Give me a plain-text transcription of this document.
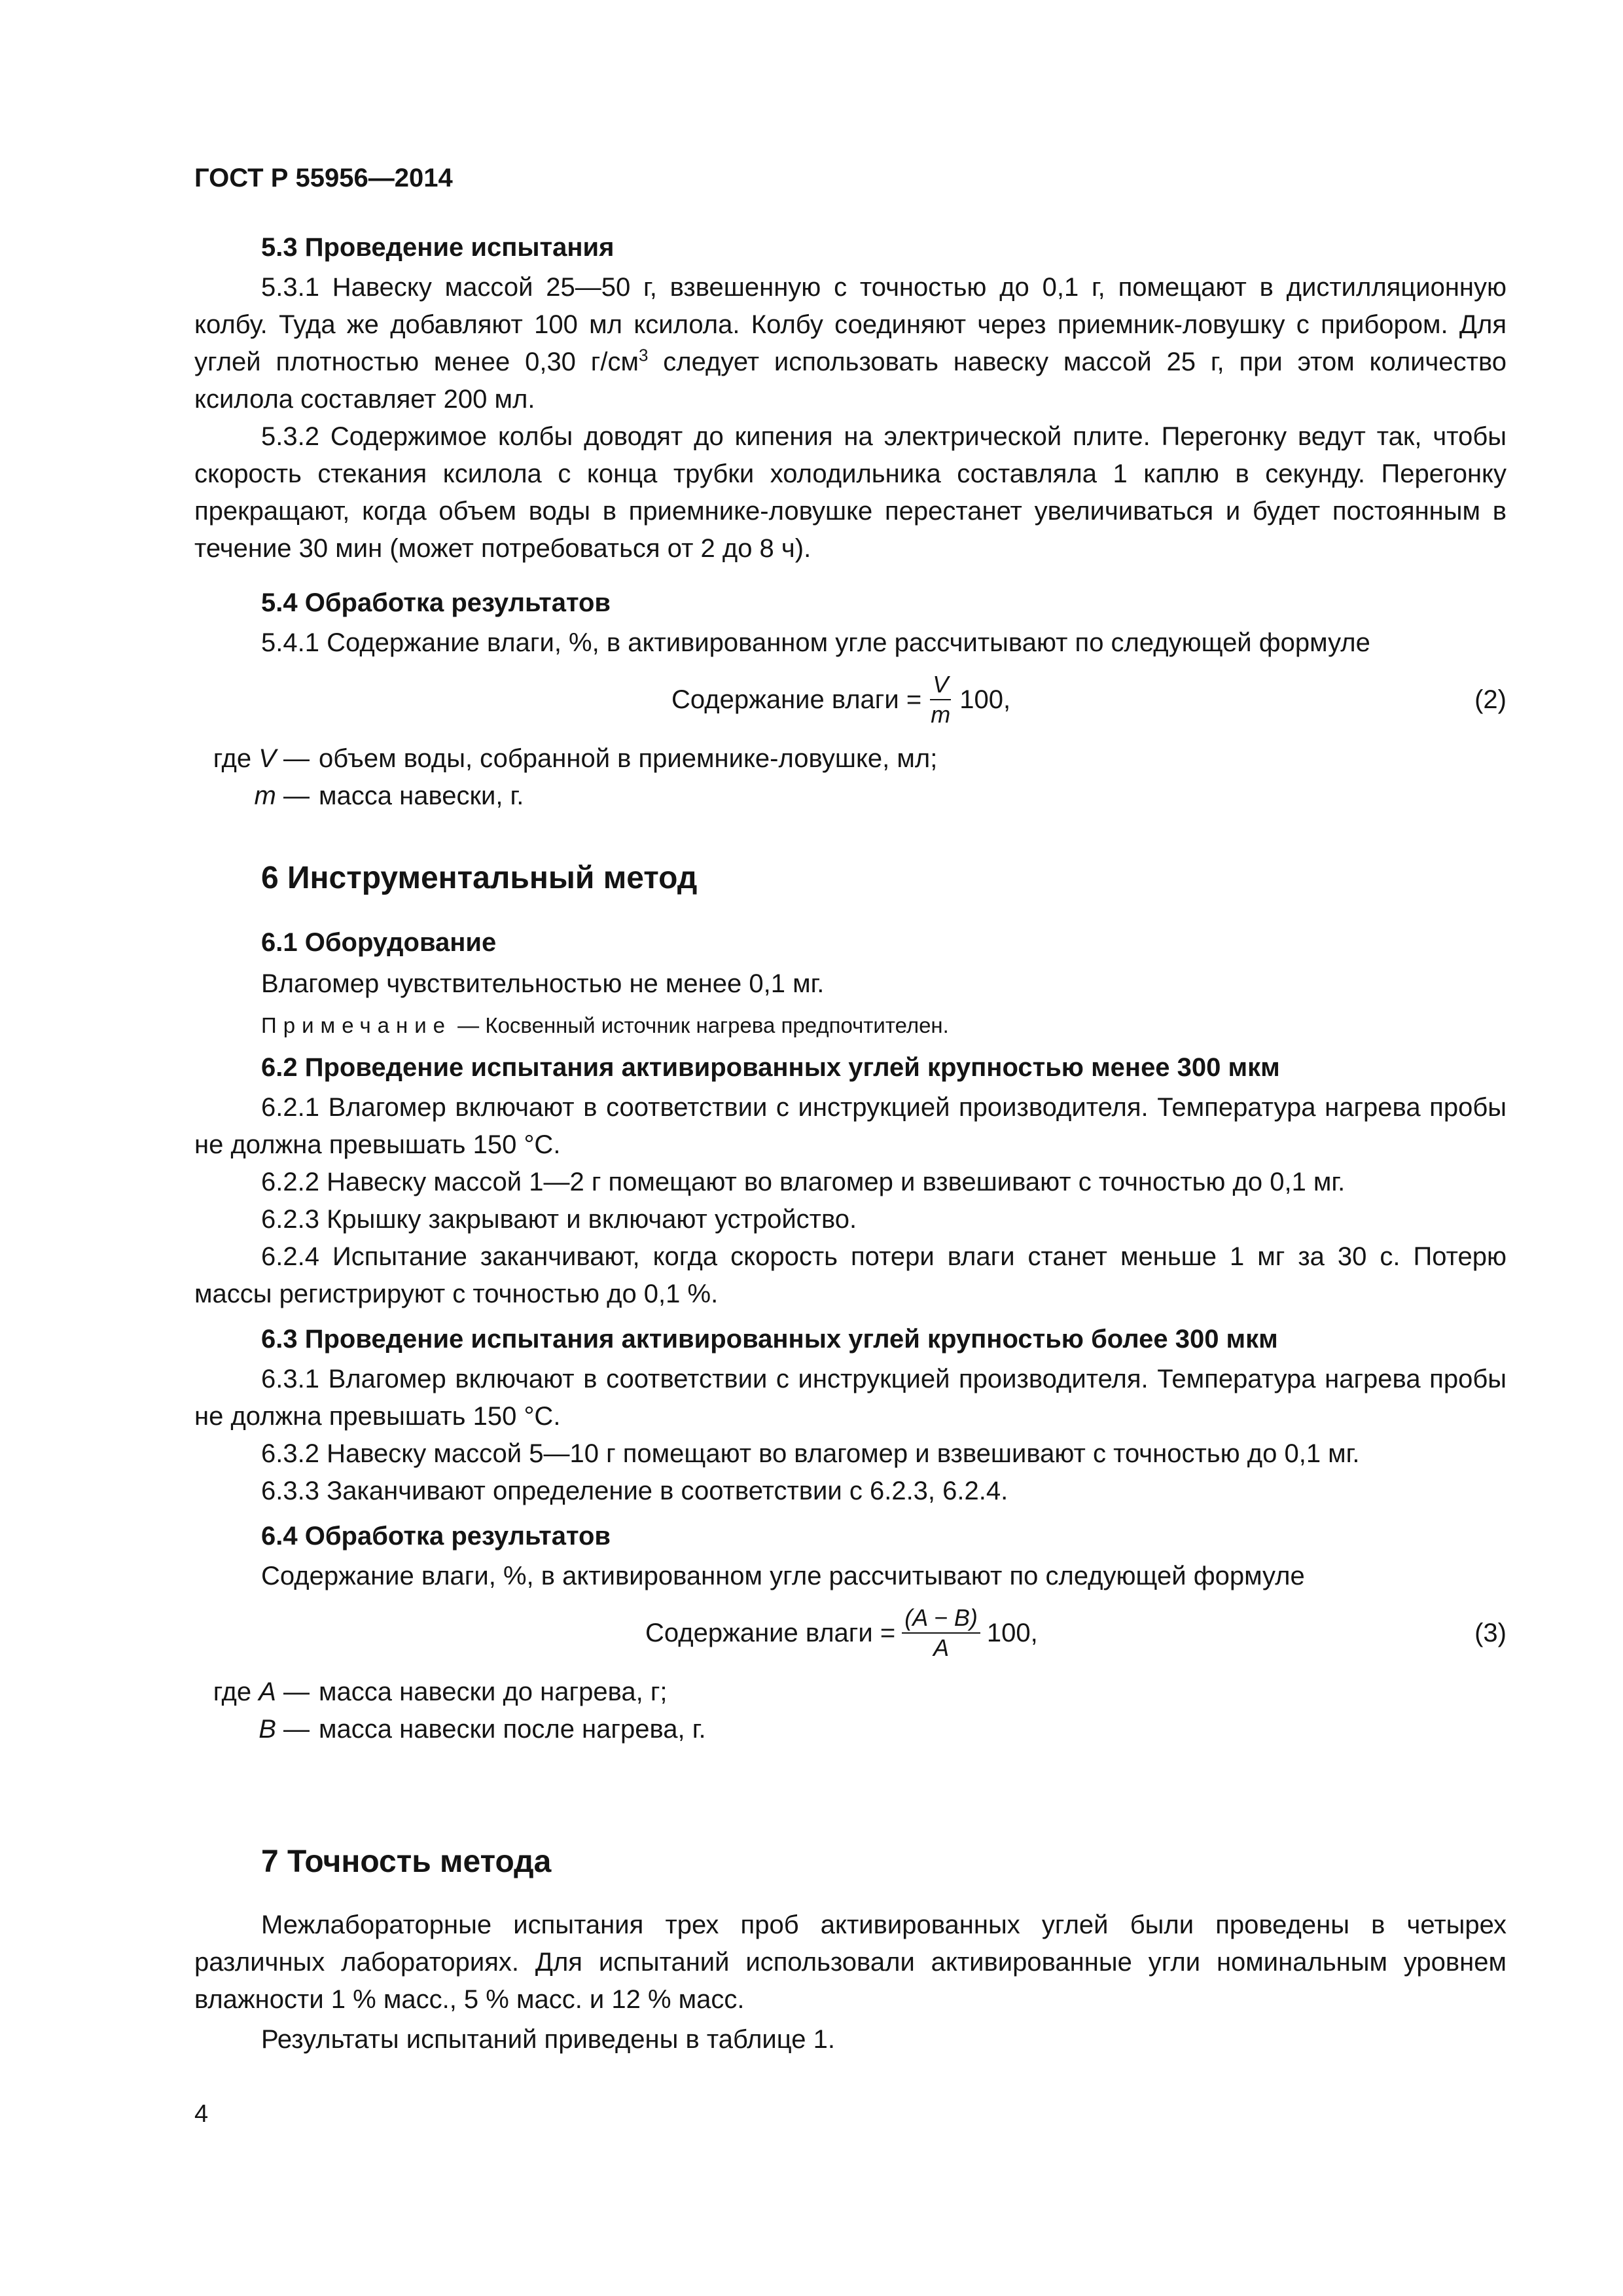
ГОСТ Р 55956—2014
5.3 Проведение испытания

5.3.1 Навеску массой 25—50 г, взвешенную с точностью до 0,1 г, помещают в дистилляционную колбу. Туда же добавляют 100 мл ксилола. Колбу соединяют через приемник-ловушку с прибором. Для углей плотностью менее 0,30 $г/см^3$ следует использовать навеску массой 25 г, при этом количество ксилола составляет 200 мл.

5.3.2 Содержимое колбы доводят до кипения на электрической плите. Перегонку ведут так, чтобы скорость стекания ксилола с конца трубки холодильника составляла 1 каплю в секунду. Перегонку прекращают, когда объем воды в приемнике-ловушке перестанет увеличиваться и будет постоянным в течение 30 мин (может потребоваться от 2 до 8 ч).

5.4 Обработка результатов

5.4.1 Содержание влаги, %, в активированном угле рассчитывают по следующей формуле

Содержание влаги = $\frac{V}{m} 100$,	(2)
где V — объем воды, собранной в приемнике-ловушке, мл;
m — масса навески, г.
6 Инструментальный метод
6.1 Оборудование
Влагомер чувствительностью не менее 0,1 мг.
Примечание — Косвенный источник нагрева предпочтителен.
6.2 Проведение испытания активированных углей крупностью менее 300 мкм

6.2.1 Влагомер включают в соответствии с инструкцией производителя. Температура нагрева пробы не должна превышать 150 °С.

6.2.2 Навеску массой 1—2 г помещают во влагомер и взвешивают с точностью до 0,1 мг.

6.2.3 Крышку закрывают и включают устройство.

6.2.4 Испытание заканчивают, когда скорость потери влаги станет меньше 1 мг за 30 с. Потерю массы регистрируют с точностью до 0,1 %.

6.3 Проведение испытания активированных углей крупностью более 300 мкм

6.3.1 Влагомер включают в соответствии с инструкцией производителя. Температура нагрева пробы не должна превышать 150 °С.

6.3.2 Навеску массой 5—10 г помещают во влагомер и взвешивают с точностью до 0,1 мг.

6.3.3 Заканчивают определение в соответствии с 6.2.3, 6.2.4.

6.4 Обработка результатов
Содержание влаги, %, в активированном угле рассчитывают по следующей формуле
Содержание влаги = $\frac{(A - B)}{A} 100$,	(3)
где A — масса навески до нагрева, г;
B — масса навески после нагрева, г.
7 Точность метода

Межлабораторные испытания трех проб активированных углей были проведены в четырех различных лабораториях. Для испытаний использовали активированные угли номинальным уровнем влажности 1 % масс., 5 % масс. и 12 % масс.

Результаты испытаний приведены в таблице 1.

4
